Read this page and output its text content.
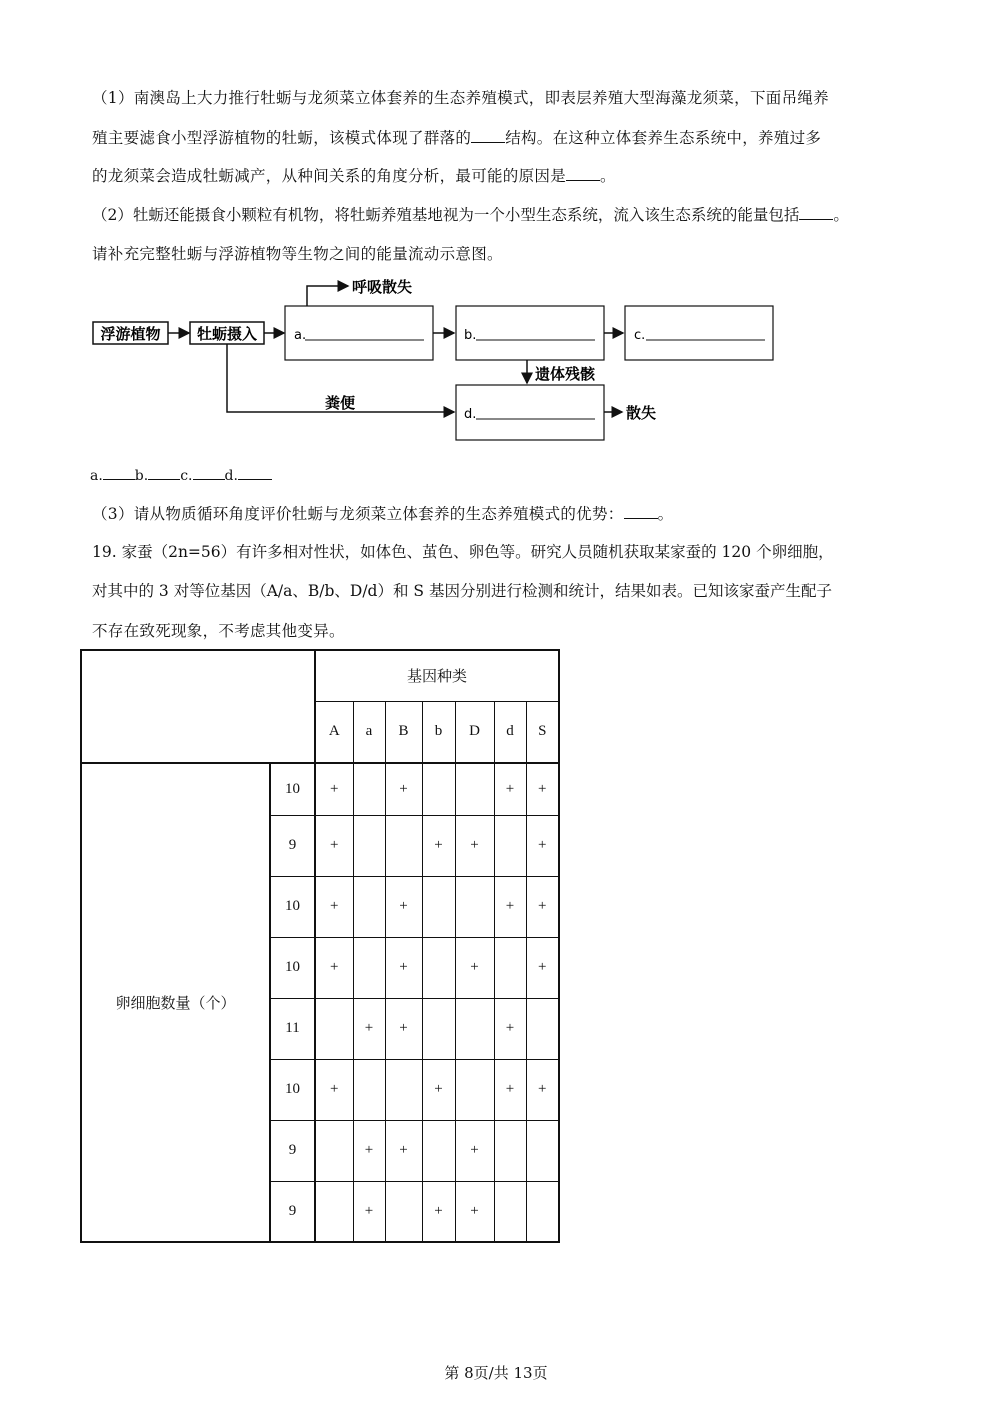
（1）南澳岛上大力推行牡蛎与龙须菜立体套养的生态养殖模式，即表层养殖大型海藻龙须菜，下面吊绳养
殖主要滤食小型浮游植物的牡蛎，该模式体现了群落的 结构。在这种立体套养生态系统中，养殖过多
的龙须菜会造成牡蛎减产，从种间关系的角度分析，最可能的原因是 。
（2）牡蛎还能摄食小颗粒有机物，将牡蛎养殖基地视为一个小型生态系统，流入该生态系统的能量包括 。
请补充完整牡蛎与浮游植物等生物之间的能量流动示意图。
浮游植物 牡蛎摄入	a.
呼吸散失
b.	c.
遗体残骸
d.
粪便
散失
a. b. c. d.
（3）请从物质循环角度评价牡蛎与龙须菜立体套养的生态养殖模式的优势： 。
19. 家蚕（2n=56）有许多相对性状，如体色、茧色、卵色等。研究人员随机获取某家蚕的 120 个卵细胞，
对其中的 3 对等位基因（A/a、B/b、D/d）和 S 基因分别进行检测和统计，结果如表。已知该家蚕产生配子
不存在致死现象，不考虑其他变异。
		基因种类						
		A	a	B	b	D	d	S
卵细胞数量（个）	10	+		+			+	+
	9	+			+	+		+
	10	+		+			+	+
	10	+		+		+		+
	11		+	+			+	
	10	+			+		+	+
	9		+	+		+		
	9		+		+	+		
第 8页/共 13页
